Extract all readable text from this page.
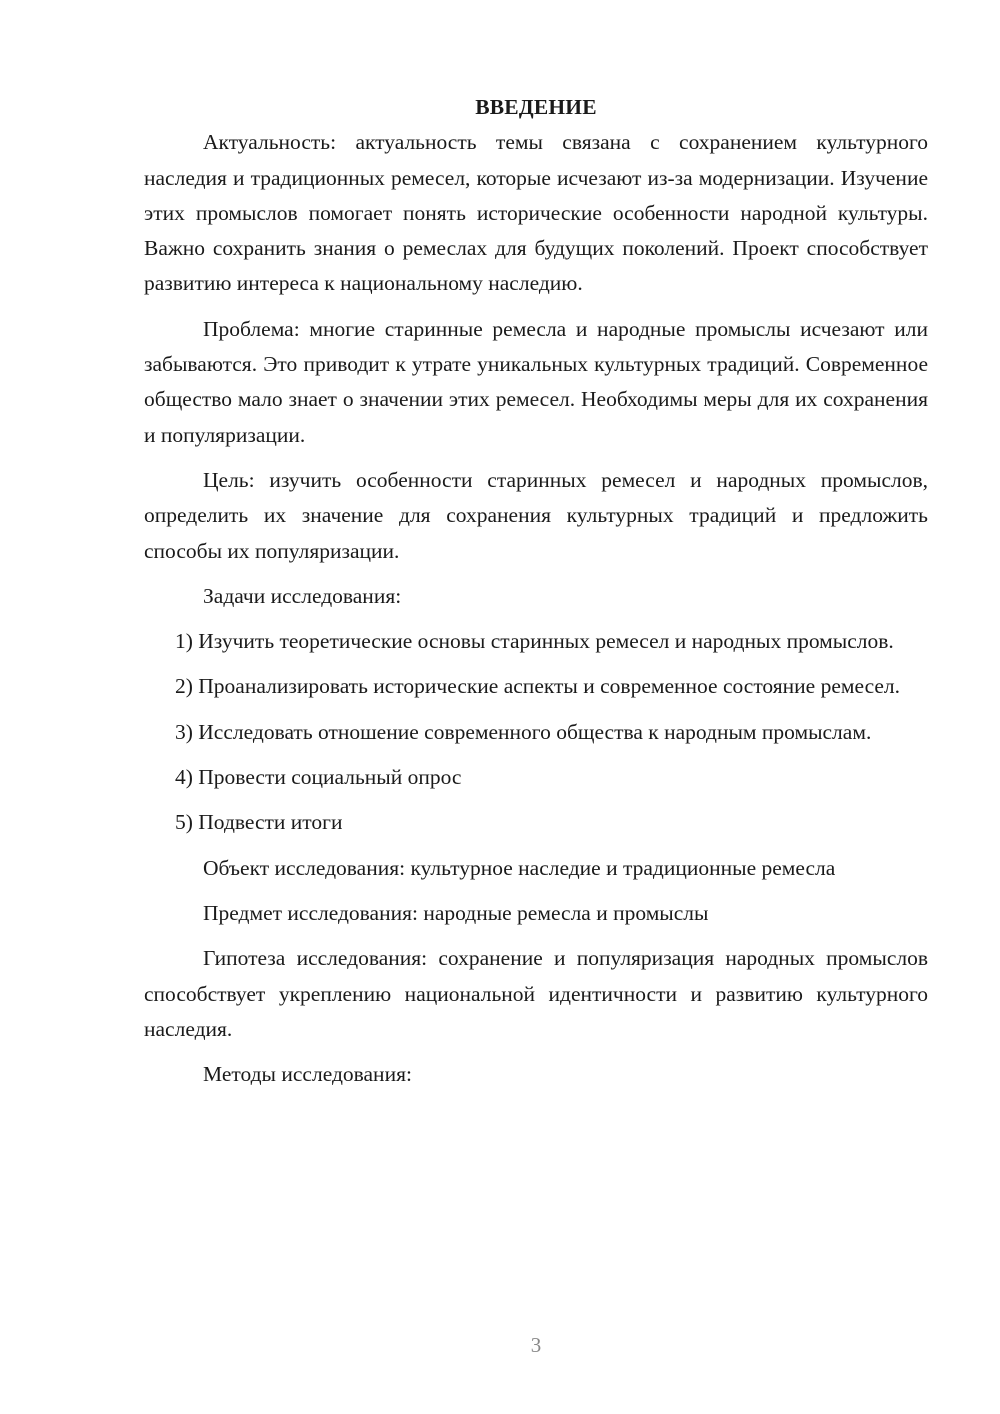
ВВЕДЕНИЕ

Актуальность: актуальность темы связана с сохранением культурного наследия и традиционных ремесел, которые исчезают из-за модернизации. Изучение этих промыслов помогает понять исторические особенности народной культуры. Важно сохранить знания о ремеслах для будущих поколений. Проект способствует развитию интереса к национальному наследию.

Проблема: многие старинные ремесла и народные промыслы исчезают или забываются. Это приводит к утрате уникальных культурных традиций. Современное общество мало знает о значении этих ремесел. Необходимы меры для их сохранения и популяризации.

Цель: изучить особенности старинных ремесел и народных промыслов, определить их значение для сохранения культурных традиций и предложить способы их популяризации.

Задачи исследования:

1) Изучить теоретические основы старинных ремесел и народных промыслов.

2) Проанализировать исторические аспекты и современное состояние ремесел.

3) Исследовать отношение современного общества к народным промыслам.

4) Провести социальный опрос

5) Подвести итоги

Объект исследования: культурное наследие и традиционные ремесла

Предмет исследования: народные ремесла и промыслы

Гипотеза исследования: сохранение и популяризация народных промыслов способствует укреплению национальной идентичности и развитию культурного наследия.

Методы исследования:

3
